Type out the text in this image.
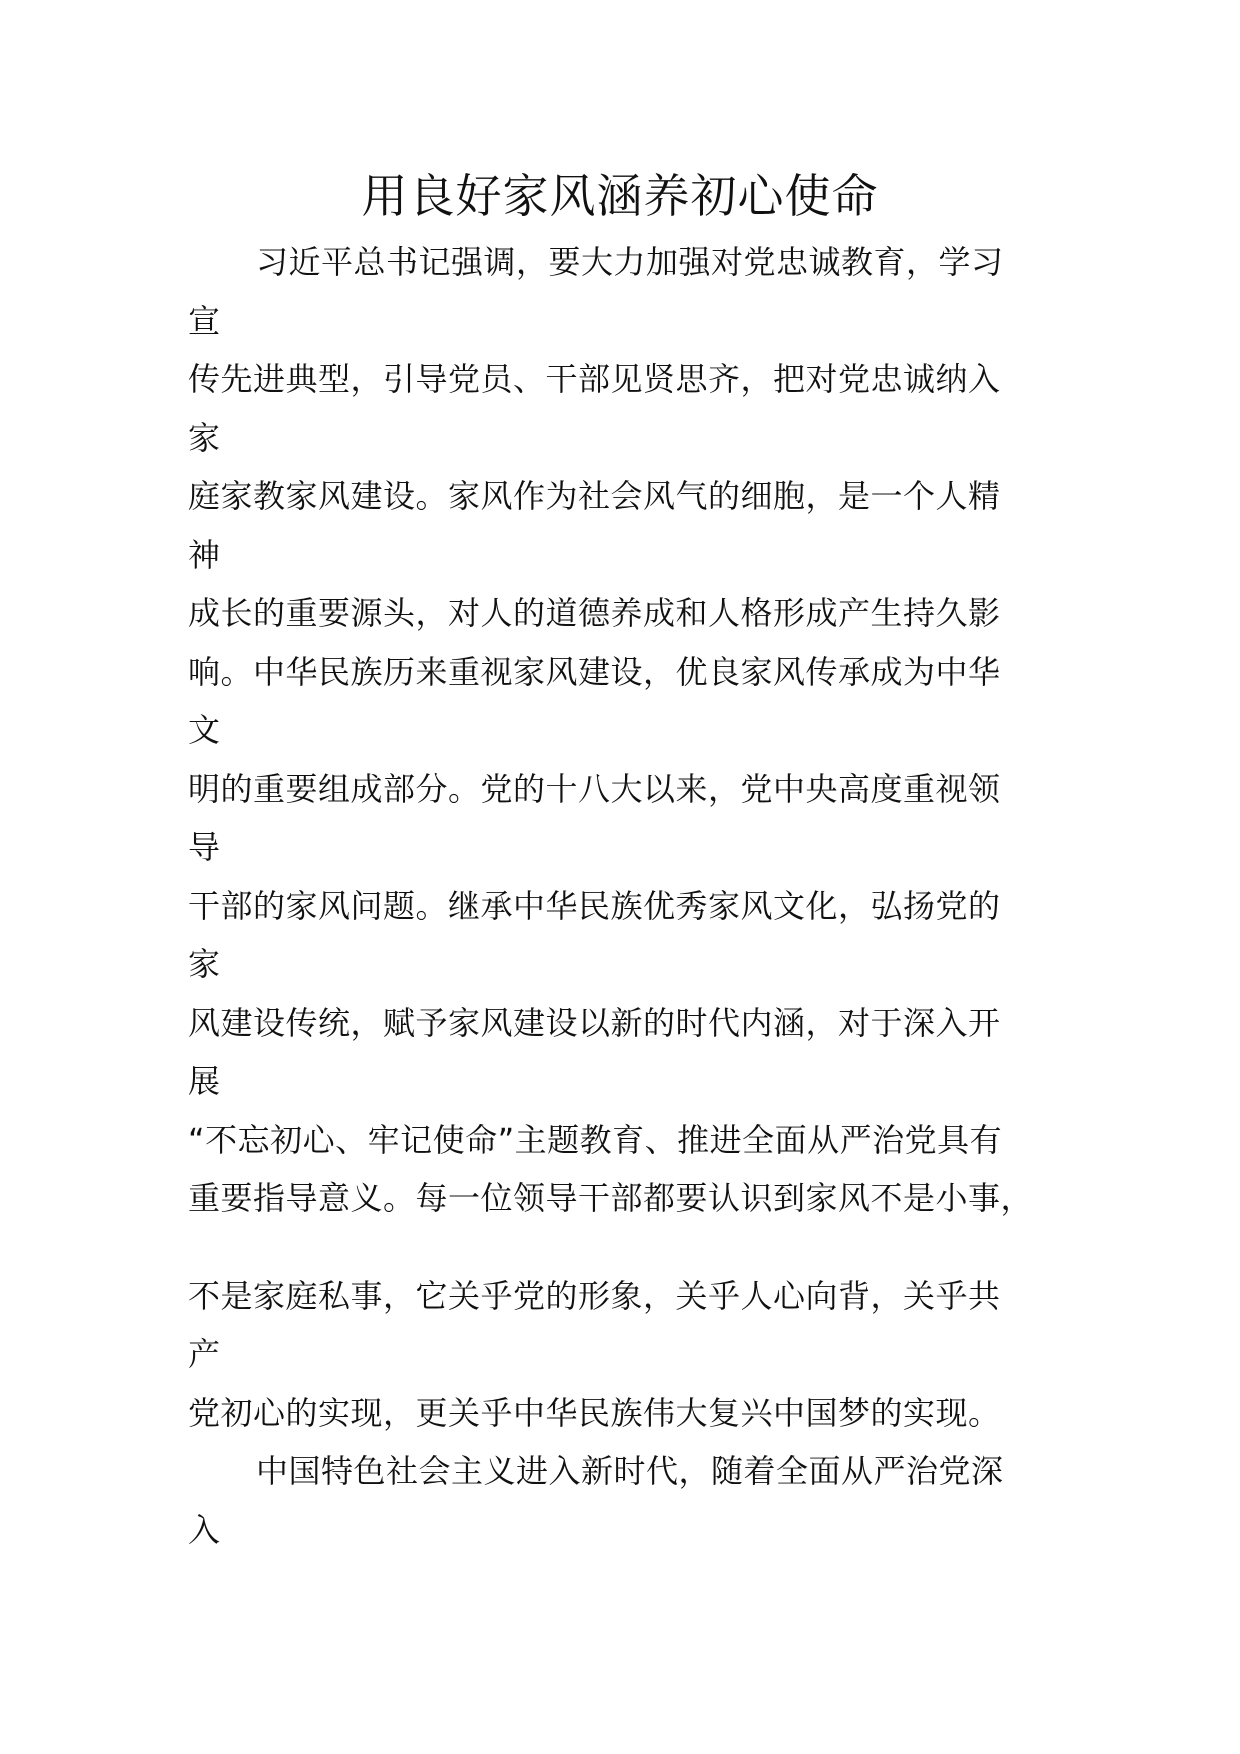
用良好家风涵养初心使命
习近平总书记强调，要大力加强对党忠诚教育，学习
宣
传先进典型，引导党员、干部见贤思齐，把对党忠诚纳入
家
庭家教家风建设。家风作为社会风气的细胞，是一个人精
神
成长的重要源头，对人的道德养成和人格形成产生持久影
响。中华民族历来重视家风建设，优良家风传承成为中华
文
明的重要组成部分。党的十八大以来，党中央高度重视领
导
干部的家风问题。继承中华民族优秀家风文化，弘扬党的
家
风建设传统，赋予家风建设以新的时代内涵，对于深入开
展
“不忘初心、牢记使命”主题教育、推进全面从严治党具有
重要指导意义。每一位领导干部都要认识到家风不是小事，
不是家庭私事，它关乎党的形象，关乎人心向背，关乎共
产
党初心的实现，更关乎中华民族伟大复兴中国梦的实现。
中国特色社会主义进入新时代，随着全面从严治党深
入
